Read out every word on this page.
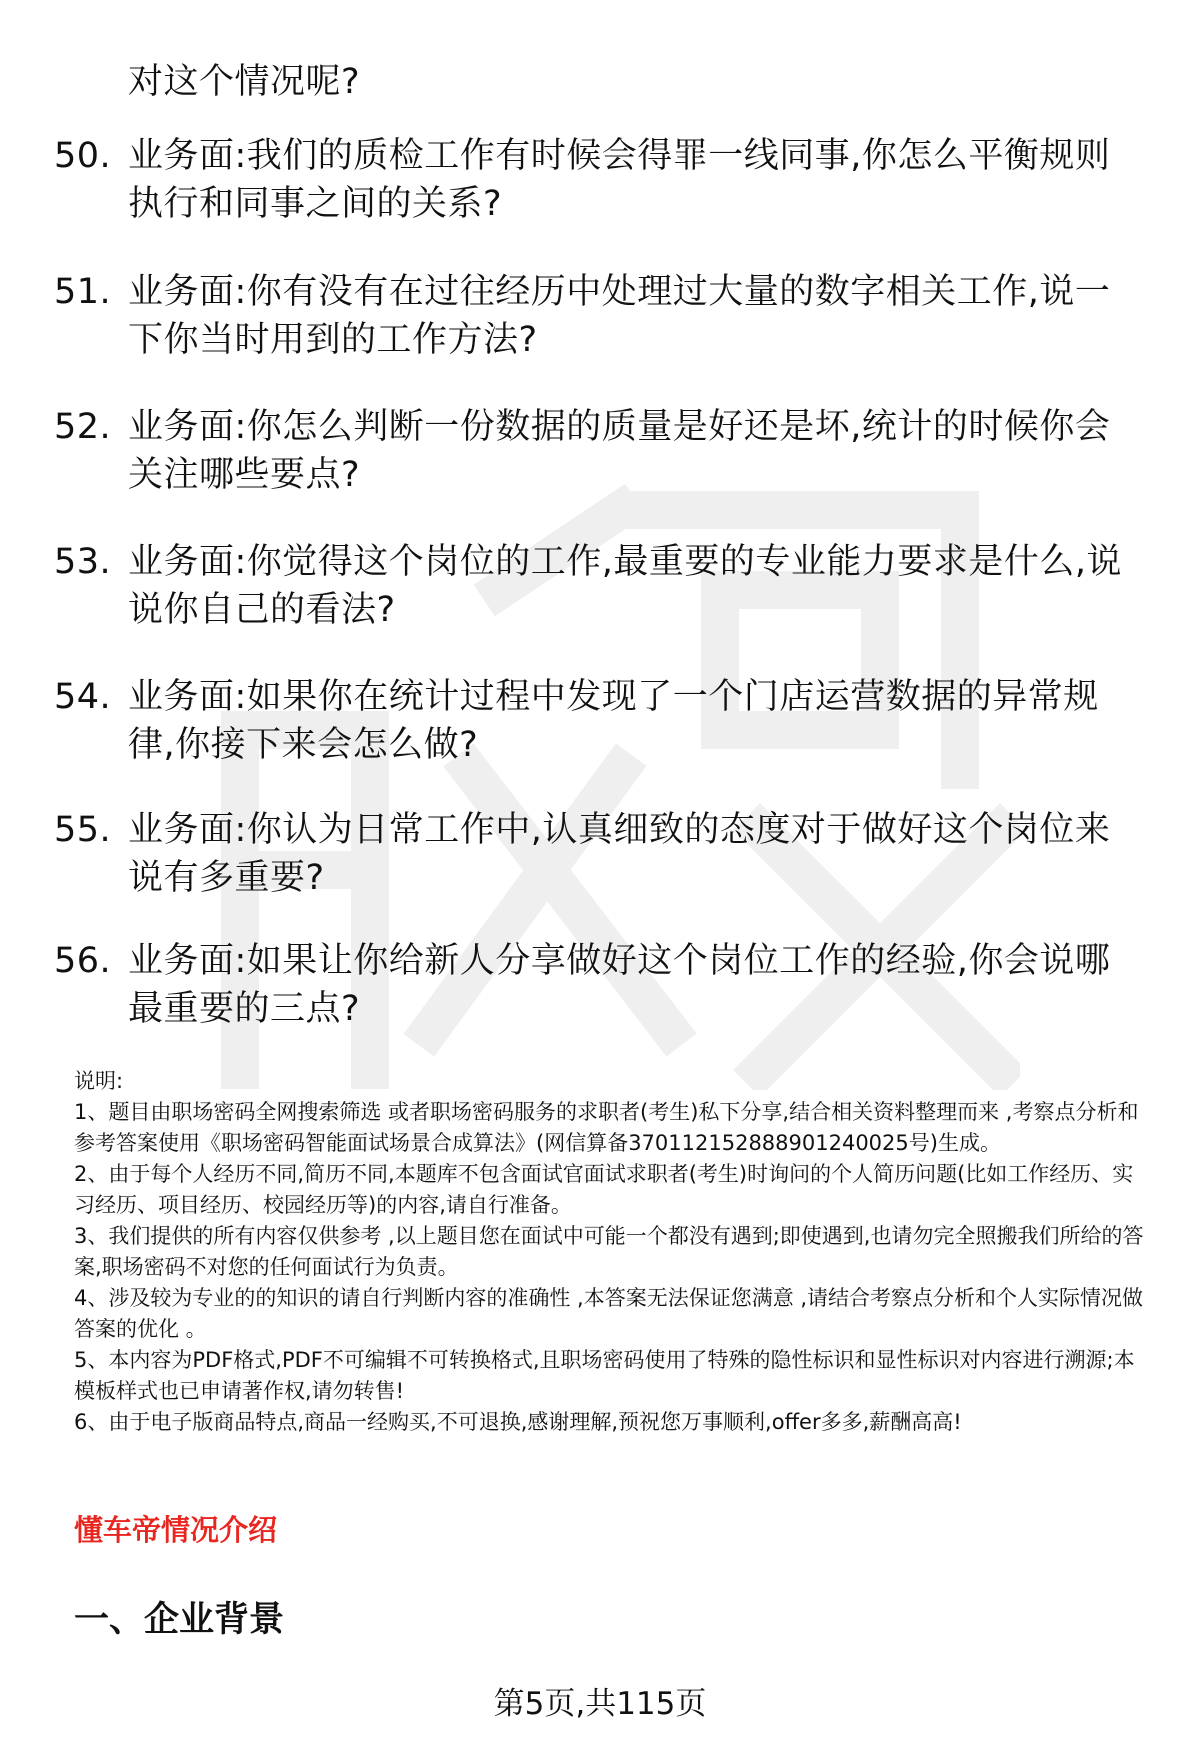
对这个情况呢?
50. 业务面:我们的质检工作有时候会得罪一线同事,你怎么平衡规则执行和同事之间的关系?
51. 业务面:你有没有在过往经历中处理过大量的数字相关工作,说一下你当时用到的工作方法?
52. 业务面:你怎么判断一份数据的质量是好还是坏,统计的时候你会关注哪些要点?
53. 业务面:你觉得这个岗位的工作,最重要的专业能力要求是什么,说说你自己的看法?
54. 业务面:如果你在统计过程中发现了一个门店运营数据的异常规律,你接下来会怎么做?
55. 业务面:你认为日常工作中,认真细致的态度对于做好这个岗位来说有多重要?
56. 业务面:如果让你给新人分享做好这个岗位工作的经验,你会说哪最重要的三点?

说明:

1、题目由职场密码全网搜索筛选 或者职场密码服务的求职者(考生)私下分享,结合相关资料整理而来 ,考察点分析和参考答案使用《职场密码智能面试场景合成算法》(网信算备370112152888901240025号)生成。

2、由于每个人经历不同,简历不同,本题库不包含面试官面试求职者(考生)时询问的个人简历问题(比如工作经历、实习经历、项目经历、校园经历等)的内容,请自行准备。

3、我们提供的所有内容仅供参考 ,以上题目您在面试中可能一个都没有遇到;即使遇到,也请勿完全照搬我们所给的答案,职场密码不对您的任何面试行为负责。

4、涉及较为专业的的知识的请自行判断内容的准确性 ,本答案无法保证您满意 ,请结合考察点分析和个人实际情况做答案的优化 。

5、本内容为PDF格式,PDF不可编辑不可转换格式,且职场密码使用了特殊的隐性标识和显性标识对内容进行溯源;本模板样式也已申请著作权,请勿转售!

6、由于电子版商品特点,商品一经购买,不可退换,感谢理解,预祝您万事顺利,offer多多,薪酬高高!

懂车帝情况介绍
一、企业背景
第5页,共115页
